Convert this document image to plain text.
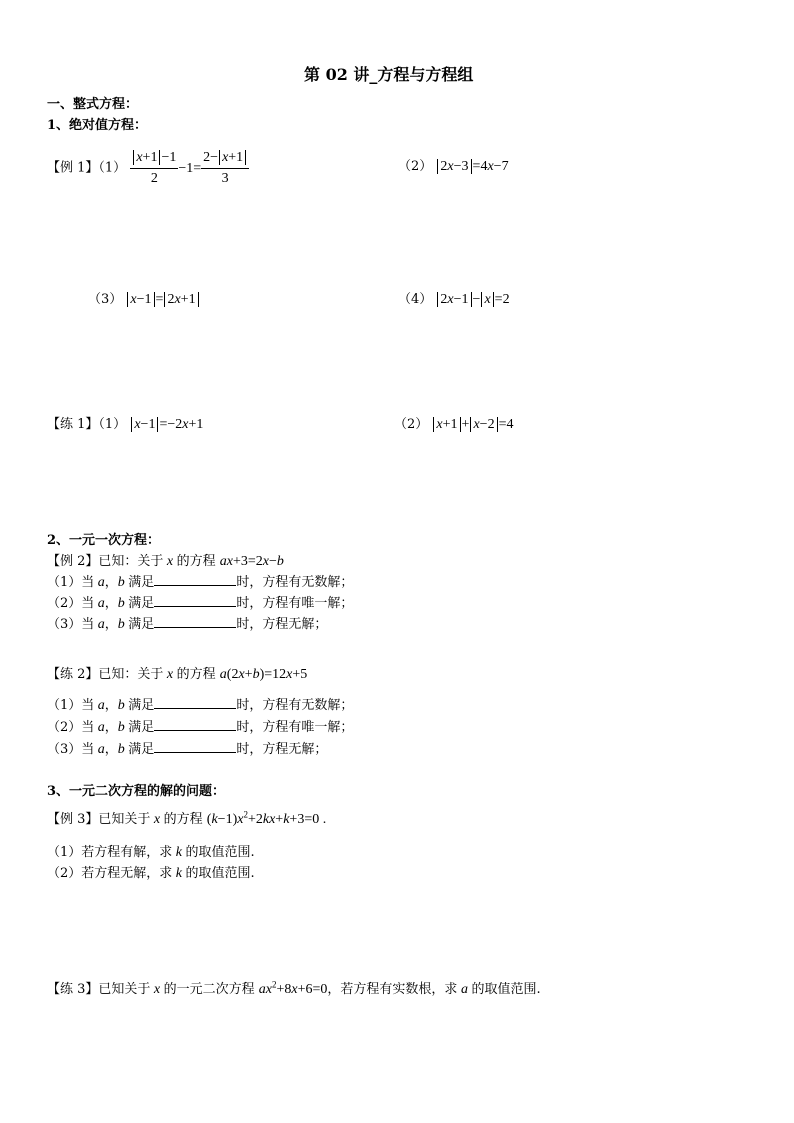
第 02 讲_方程与方程组
一、整式方程：
1、绝对值方程：
【例 1】$(1) \frac{x+1 -1}{2} -1= \frac{2- x+1}{3}$	（2） 2x−3 =4x−7
（3） x−1 = 2x+1	（4） 2x−1 − x =2
【练 1】（1） x−1 =−2x+1	（2） x+1 + x−2 =4
2、一元一次方程：
【例 2】已知：关于 x 的方程 ax+3=2x−b
（1）当 a，b 满足	时，方程有无数解；
（2）当 a，b 满足	时，方程有唯一解；
（3）当 a，b 满足	时，方程无解；
【练 2】已知：关于 x 的方程 a(2x+b)=12x+5
（1）当 a，b 满足	时，方程有无数解；
（2）当 a，b 满足	时，方程有唯一解；
（3）当 a，b 满足	时，方程无解；
3、一元二次方程的解的问题：
【例 3】已知关于 x 的方程 $(k-1)x^2+2kx+k+3=0$ .
（1）若方程有解，求 k 的取值范围.
（2）若方程无解，求 k 的取值范围.
【练 3】已知关于 x 的一元二次方程 $ax^2+8x+6=0$，若方程有实数根，求 a 的取值范围.
